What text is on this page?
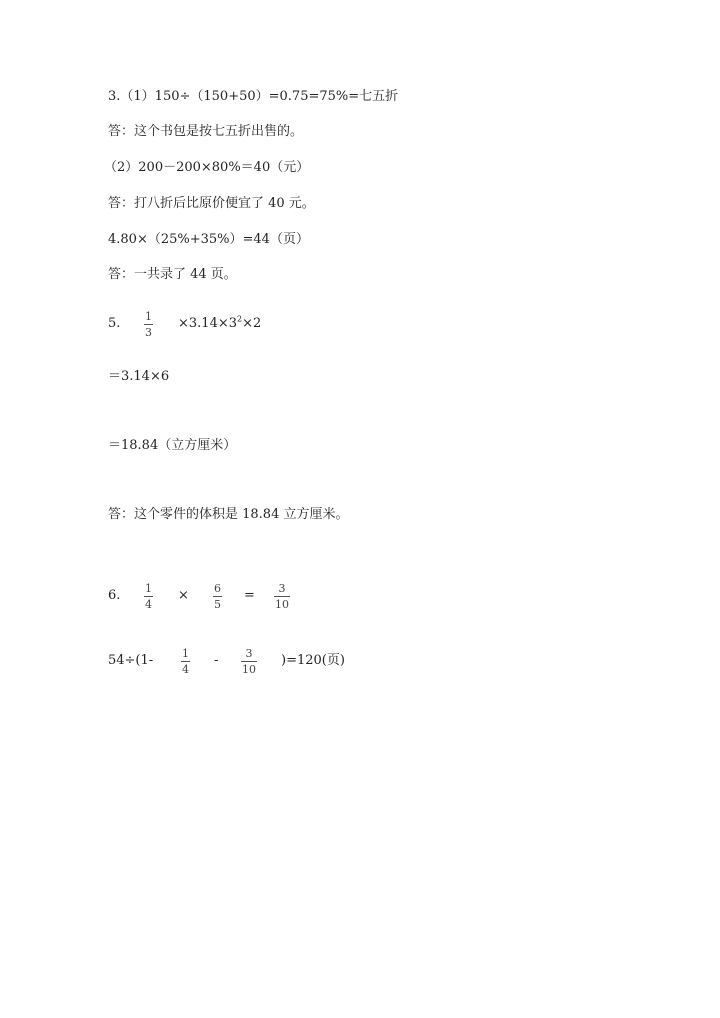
3.（1）150÷（150+50）=0.75=75%=七五折
答：这个书包是按七五折出售的。
（2）200－200×80%＝40（元）
答：打八折后比原价便宜了 40 元。
4.80×（25%+35%）=44（页）
答：一共录了 44 页。
5. 1
3
$\times 3.14\times 3^2\times 2$
＝3.14×6
＝18.84（立方厘米）
答：这个零件的体积是 18.84 立方厘米。
6. 1
4
× 6
5
= 3
10
54÷(1-	1
4
- 3
10
)=120(页)
